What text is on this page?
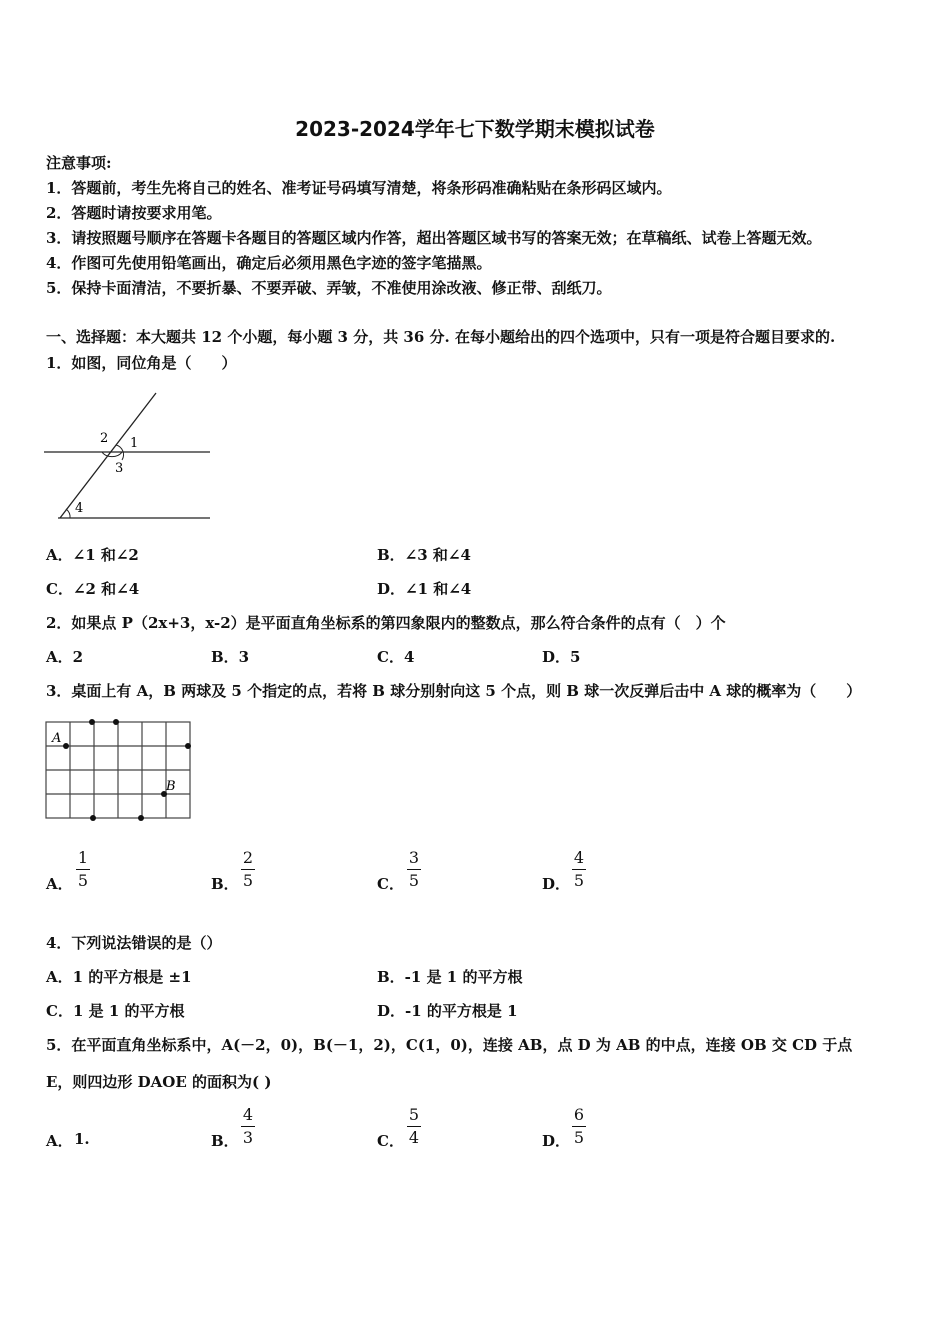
2023-2024学年七下数学期末模拟试卷
注意事项:
1．答题前，考生先将自己的姓名、准考证号码填写清楚，将条形码准确粘贴在条形码区域内。
2．答题时请按要求用笔。
3．请按照题号顺序在答题卡各题目的答题区域内作答，超出答题区域书写的答案无效；在草稿纸、试卷上答题无效。
4．作图可先使用铅笔画出，确定后必须用黑色字迹的签字笔描黑。
5．保持卡面清洁，不要折暴、不要弄破、弄皱，不准使用涂改液、修正带、刮纸刀。
一、选择题：本大题共 12 个小题，每小题 3 分，共 36 分. 在每小题给出的四个选项中，只有一项是符合题目要求的.
1．如图，同位角是（　　）
2 1
3
4
A．∠1 和∠2	B．∠3 和∠4
C．∠2 和∠4	D．∠1 和∠4
2．如果点 P（2x+3，x-2）是平面直角坐标系的第四象限内的整数点，那么符合条件的点有（　）个
A．2	B．3	C．4	D．5
3．桌面上有 A，B 两球及 5 个指定的点，若将 B 球分别射向这 5 个点，则 B 球一次反弹后击中 A 球的概率为（　　）
A
B
A．
1
5	B．
2
5	C．
3
5	D．
4
5
4．下列说法错误的是（）
A．1 的平方根是 ±1	B．-1 是 1 的平方根
C．1 是 1 的平方根	D．-1 的平方根是 1
5．在平面直角坐标系中，A(－2，0)，B(－1，2)，C(1，0)，连接 AB，点 D 为 AB 的中点，连接 OB 交 CD 于点
E，则四边形 DAOE 的面积为( )
A． 1.	B．
4
3	C．
5
4	D．
6
5
